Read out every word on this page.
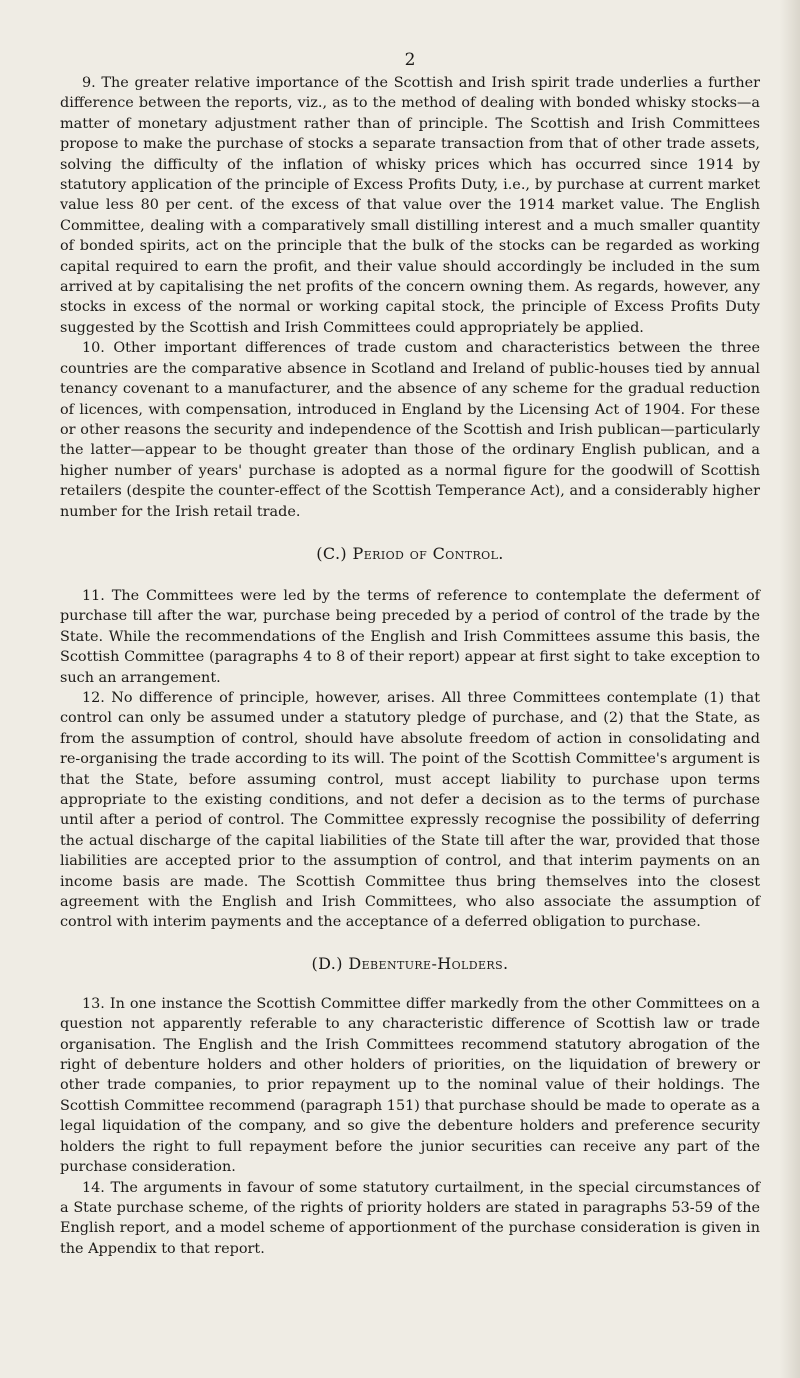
2

9. The greater relative importance of the Scottish and Irish spirit trade underlies a further difference between the reports, viz., as to the method of dealing with bonded whisky stocks—a matter of monetary adjustment rather than of principle. The Scottish and Irish Committees propose to make the purchase of stocks a separate transaction from that of other trade assets, solving the difficulty of the inflation of whisky prices which has occurred since 1914 by statutory application of the principle of Excess Profits Duty, i.e., by purchase at current market value less 80 per cent. of the excess of that value over the 1914 market value. The English Committee, dealing with a comparatively small distilling interest and a much smaller quantity of bonded spirits, act on the principle that the bulk of the stocks can be regarded as working capital required to earn the profit, and their value should accordingly be included in the sum arrived at by capitalising the net profits of the concern owning them. As regards, however, any stocks in excess of the normal or working capital stock, the principle of Excess Profits Duty suggested by the Scottish and Irish Committees could appropriately be applied.

10. Other important differences of trade custom and characteristics between the three countries are the comparative absence in Scotland and Ireland of public-houses tied by annual tenancy covenant to a manufacturer, and the absence of any scheme for the gradual reduction of licences, with compensation, introduced in England by the Licensing Act of 1904. For these or other reasons the security and independence of the Scottish and Irish publican—particularly the latter—appear to be thought greater than those of the ordinary English publican, and a higher number of years' purchase is adopted as a normal figure for the goodwill of Scottish retailers (despite the counter-effect of the Scottish Temperance Act), and a considerably higher number for the Irish retail trade.

(C.) Period of Control.

11. The Committees were led by the terms of reference to contemplate the deferment of purchase till after the war, purchase being preceded by a period of control of the trade by the State. While the recommendations of the English and Irish Committees assume this basis, the Scottish Committee (paragraphs 4 to 8 of their report) appear at first sight to take exception to such an arrangement.

12. No difference of principle, however, arises. All three Committees contemplate (1) that control can only be assumed under a statutory pledge of purchase, and (2) that the State, as from the assumption of control, should have absolute freedom of action in consolidating and re-organising the trade according to its will. The point of the Scottish Committee's argument is that the State, before assuming control, must accept liability to purchase upon terms appropriate to the existing conditions, and not defer a decision as to the terms of purchase until after a period of control. The Committee expressly recognise the possibility of deferring the actual discharge of the capital liabilities of the State till after the war, provided that those liabilities are accepted prior to the assumption of control, and that interim payments on an income basis are made. The Scottish Committee thus bring themselves into the closest agreement with the English and Irish Committees, who also associate the assumption of control with interim payments and the acceptance of a deferred obligation to purchase.

(D.) Debenture-Holders.

13. In one instance the Scottish Committee differ markedly from the other Committees on a question not apparently referable to any characteristic difference of Scottish law or trade organisation. The English and the Irish Committees recommend statutory abrogation of the right of debenture holders and other holders of priorities, on the liquidation of brewery or other trade companies, to prior repayment up to the nominal value of their holdings. The Scottish Committee recommend (paragraph 151) that purchase should be made to operate as a legal liquidation of the company, and so give the debenture holders and preference security holders the right to full repayment before the junior securities can receive any part of the purchase consideration.

14. The arguments in favour of some statutory curtailment, in the special circumstances of a State purchase scheme, of the rights of priority holders are stated in paragraphs 53-59 of the English report, and a model scheme of apportionment of the purchase consideration is given in the Appendix to that report.
